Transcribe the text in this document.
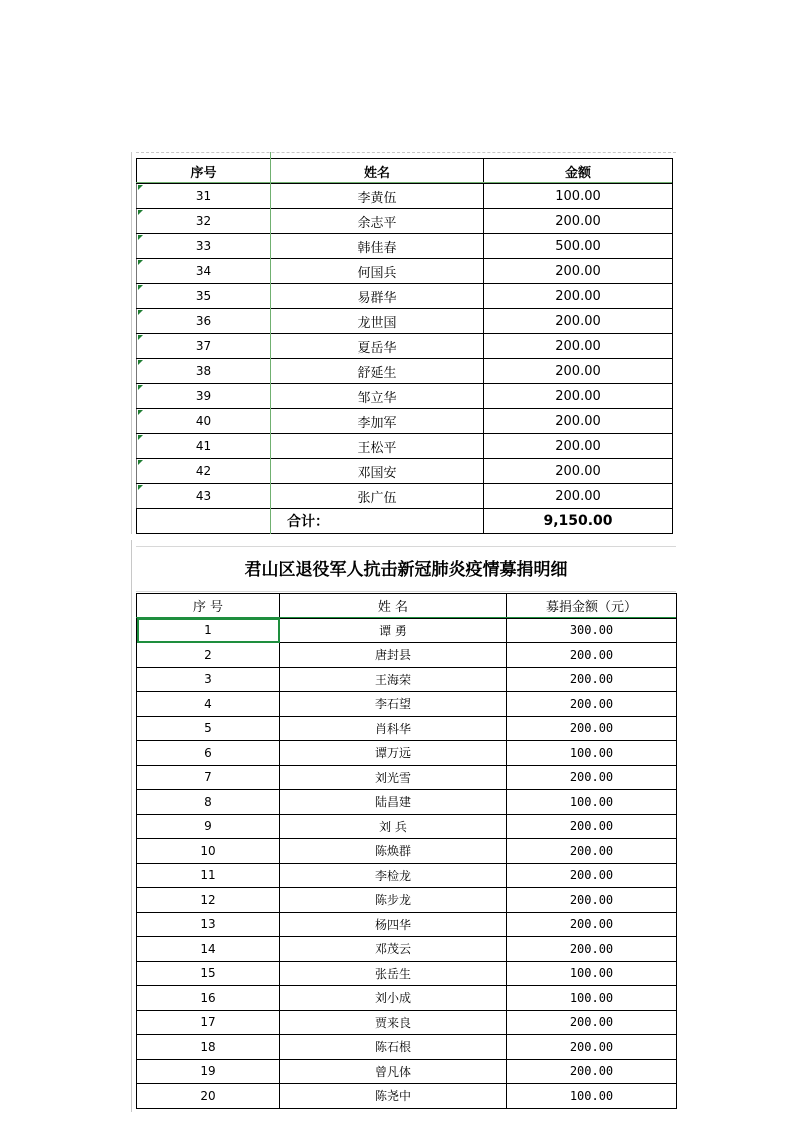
序号	姓名	金额

31	李黄伍	100.00

32	余志平	200.00

33	韩佳春	500.00

34	何国兵	200.00

35	易群华	200.00

36	龙世国	200.00

37	夏岳华	200.00

38	舒延生	200.00

39	邹立华	200.00

40	李加军	200.00

41	王松平	200.00

42	邓国安	200.00

43	张广伍	200.00
	合计：	9,150.00
君山区退役军人抗击新冠肺炎疫情募捐明细
序 号	姓 名	募捐金额（元）
1	谭 勇	300.00
2	唐封县	200.00
3	王海荣	200.00
4	李石望	200.00
5	肖科华	200.00
6	谭万远	100.00
7	刘光雪	200.00
8	陆昌建	100.00
9	刘 兵	200.00
10	陈焕群	200.00
11	李检龙	200.00
12	陈步龙	200.00
13	杨四华	200.00
14	邓茂云	200.00
15	张岳生	100.00
16	刘小成	100.00
17	贾来良	200.00
18	陈石根	200.00
19	曾凡体	200.00
20	陈尧中	100.00
